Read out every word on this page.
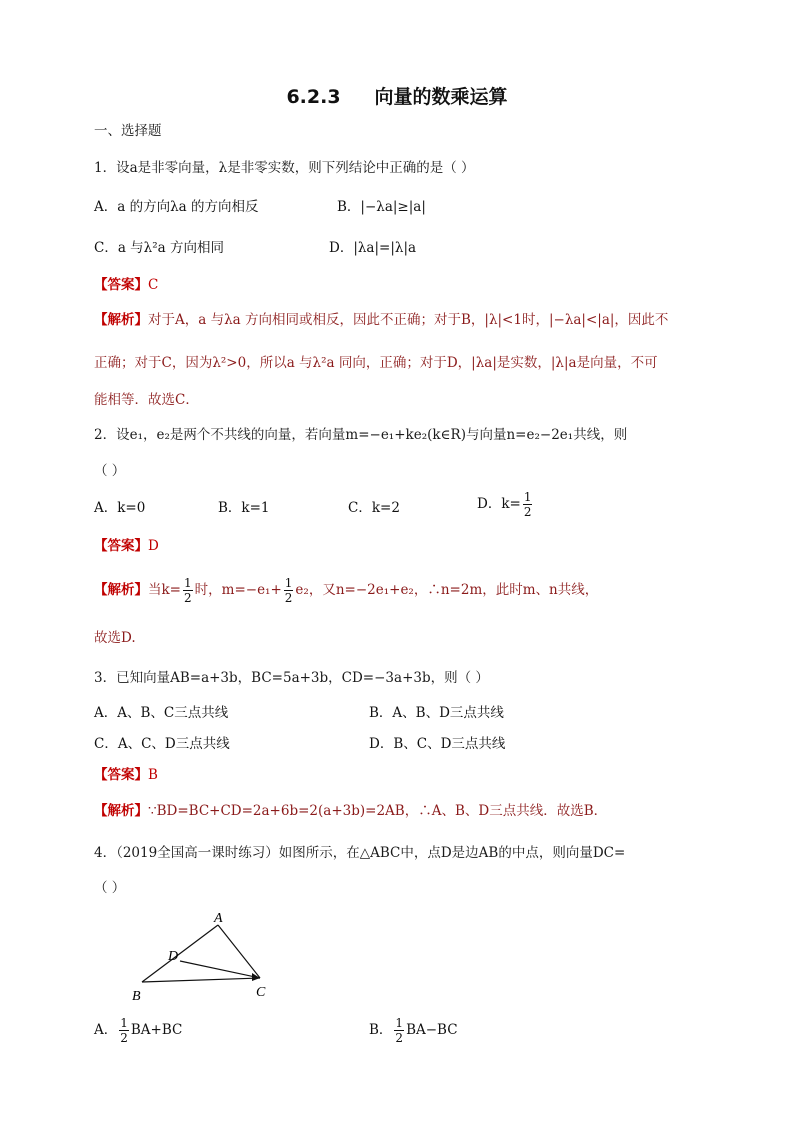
6.2.3 向量的数乘运算
一、选择题
1．设a是非零向量，λ是非零实数，则下列结论中正确的是（ ）
A．a 的方向λa 的方向相反	B．|−λa|≥|a|
C．a 与λ²a 方向相同	D．|λa|=|λ|a
【答案】C
【解析】对于A，a 与λa 方向相同或相反，因此不正确；对于B，|λ|<1时，|−λa|<|a|，因此不
正确；对于C，因为λ²>0，所以a 与λ²a 同向，正确；对于D，|λa|是实数，|λ|a是向量，不可
能相等．故选C．
2．设e₁，e₂是两个不共线的向量，若向量m=−e₁+ke₂(k∈R)与向量n=e₂−2e₁共线，则
（ ）
A．k=0	B．k=1	C．k=2	D．$k= \frac{1}{2}$
【答案】D
【解析】当$k= \frac{1}{2}$ 时，$m=-e_1+ \frac{1}{2} e_2$，又n=−2e₁+e₂，∴n=2m，此时m、n共线，
故选D.
3．已知向量AB=a+3b，BC=5a+3b，CD=−3a+3b，则（ ）
A．A、B、C三点共线	B．A、B、D三点共线
C．A、C、D三点共线	D．B、C、D三点共线
【答案】B
【解析】∵BD=BC+CD=2a+6b=2(a+3b)=2AB，∴A、B、D三点共线．故选B．
4．（2019全国高一课时练习）如图所示，在△ABC中，点D是边AB的中点，则向量DC=
（ ）
A
B	C
D
A． $\frac{1}{2} BA+BC$	B． $\frac{1}{2} BA-BC$
